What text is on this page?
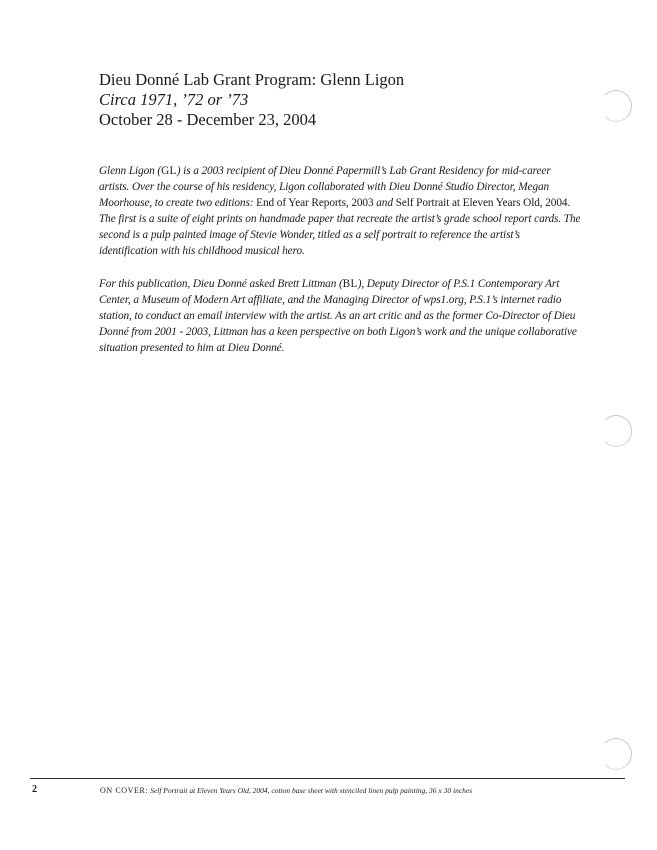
Dieu Donné Lab Grant Program: Glenn Ligon
Circa 1971, ’72 or ’73
October 28 - December 23, 2004

Glenn Ligon (GL) is a 2003 recipient of Dieu Donné Papermill’s Lab Grant Residency for mid-career artists. Over the course of his residency, Ligon collaborated with Dieu Donné Studio Director, Megan Moorhouse, to create two editions: End of Year Reports, 2003 and Self Portrait at Eleven Years Old, 2004. The first is a suite of eight prints on handmade paper that recreate the artist’s grade school report cards. The second is a pulp painted image of Stevie Wonder, titled as a self portrait to reference the artist’s identification with his childhood musical hero.

For this publication, Dieu Donné asked Brett Littman (BL), Deputy Director of P.S.1 Contemporary Art Center, a Museum of Modern Art affiliate, and the Managing Director of wps1.org, P.S.1’s internet radio station, to conduct an email interview with the artist. As an art critic and as the former Co-Director of Dieu Donné from 2001 - 2003, Littman has a keen perspective on both Ligon’s work and the unique collaborative situation presented to him at Dieu Donné.

2	ON COVER: Self Portrait at Eleven Years Old, 2004, cotton base sheet with stenciled linen pulp painting, 36 x 30 inches
